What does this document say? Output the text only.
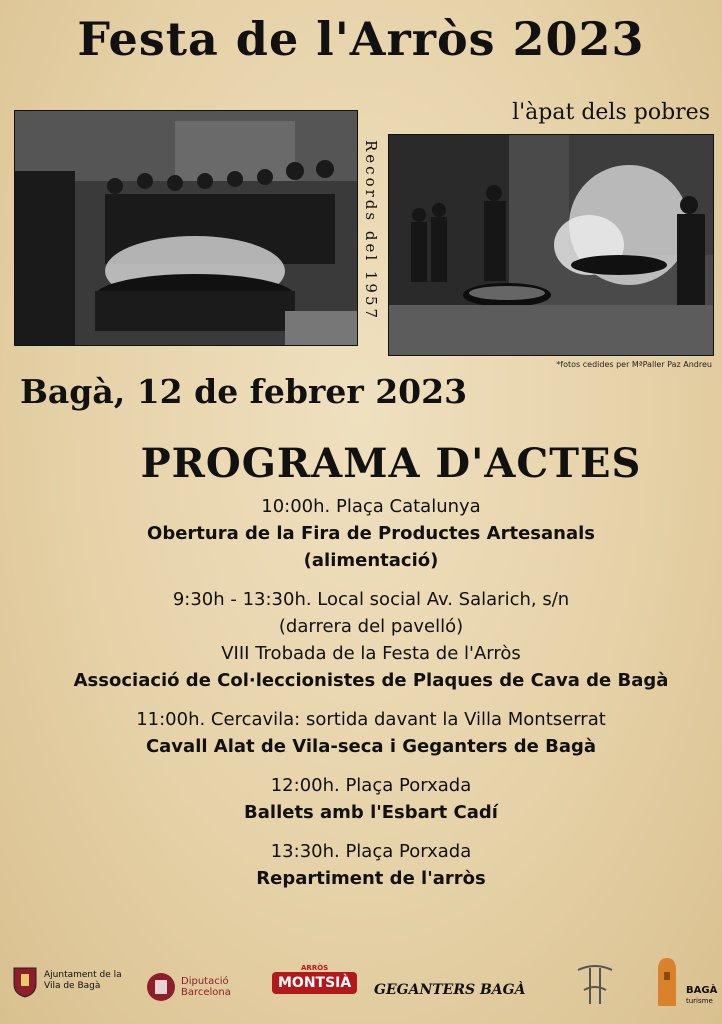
Festa de l'Arròs 2023
l'àpat dels pobres
Records del 1957
*fotos cedides per MªPaller Paz Andreu
Bagà, 12 de febrer 2023
PROGRAMA D'ACTES
10:00h. Plaça Catalunya
Obertura de la Fira de Productes Artesanals
(alimentació)
9:30h - 13:30h. Local social Av. Salarich, s/n
(darrera del pavelló)
VIII Trobada de la Festa de l'Arròs
Associació de Col·leccionistes de Plaques de Cava de Bagà
11:00h. Cercavila: sortida davant la Villa Montserrat
Cavall Alat de Vila-seca i Geganters de Bagà
12:00h. Plaça Porxada
Ballets amb l'Esbart Cadí
13:30h. Plaça Porxada
Repartiment de l'arròs
Ajuntament de la Vila de Bagà	Diputació
Barcelona
ARRÒS
MONTSIÀ	GEGANTERS BAGÀ	BAGÀ
turisme
